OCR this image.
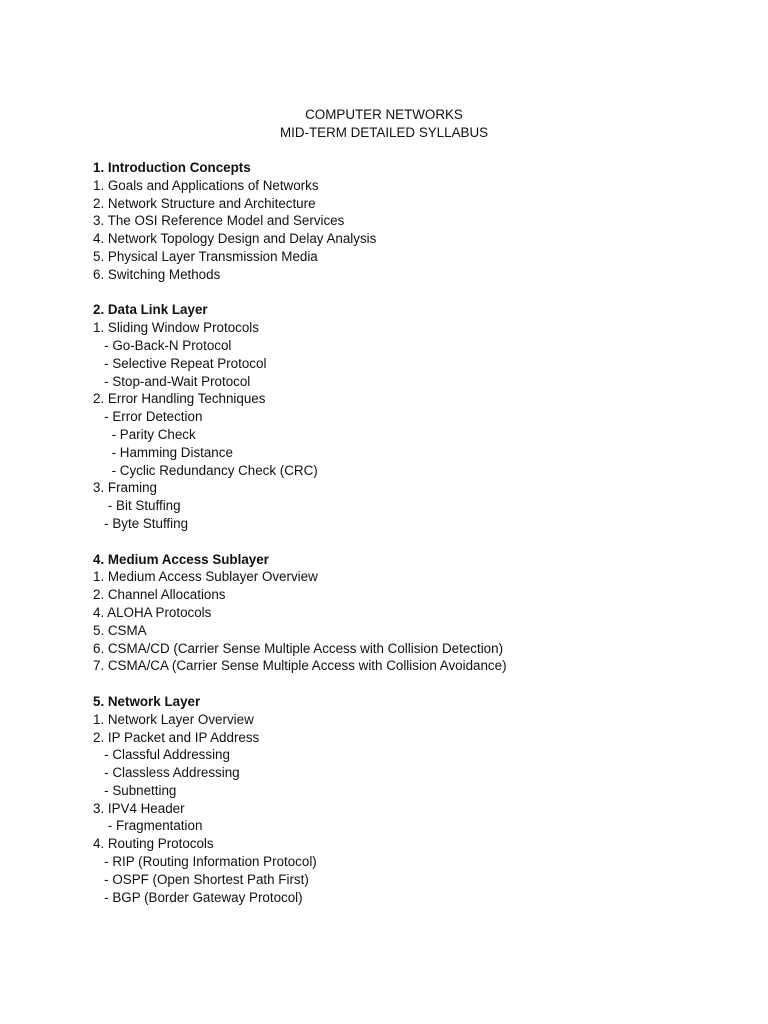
COMPUTER NETWORKS
MID-TERM DETAILED SYLLABUS
1. Introduction Concepts
1. Goals and Applications of Networks
2. Network Structure and Architecture
3. The OSI Reference Model and Services
4. Network Topology Design and Delay Analysis
5. Physical Layer Transmission Media
6. Switching Methods
2. Data Link Layer
1. Sliding Window Protocols
- Go-Back-N Protocol
- Selective Repeat Protocol
- Stop-and-Wait Protocol
2. Error Handling Techniques
- Error Detection
- Parity Check
- Hamming Distance
- Cyclic Redundancy Check (CRC)
3. Framing
- Bit Stuffing
- Byte Stuffing
4. Medium Access Sublayer
1. Medium Access Sublayer Overview
2. Channel Allocations
4. ALOHA Protocols
5. CSMA
6. CSMA/CD (Carrier Sense Multiple Access with Collision Detection)
7. CSMA/CA (Carrier Sense Multiple Access with Collision Avoidance)
5. Network Layer
1. Network Layer Overview
2. IP Packet and IP Address
- Classful Addressing
- Classless Addressing
- Subnetting
3. IPV4 Header
- Fragmentation
4. Routing Protocols
- RIP (Routing Information Protocol)
- OSPF (Open Shortest Path First)
- BGP (Border Gateway Protocol)
